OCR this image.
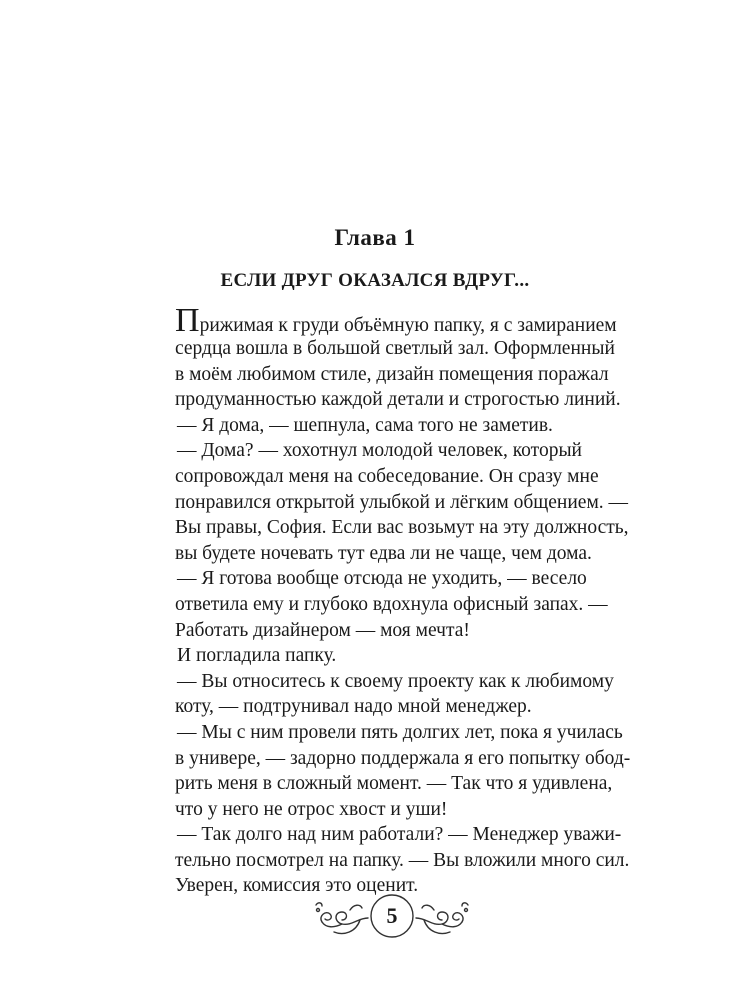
Глава 1
ЕСЛИ ДРУГ ОКАЗАЛСЯ ВДРУГ...
Прижимая к груди объёмную папку, я с замиранием
сердца вошла в большой светлый зал. Оформленный
в моём любимом стиле, дизайн помещения поражал
продуманностью каждой детали и строгостью линий.
— Я дома, — шепнула, сама того не заметив.
— Дома? — хохотнул молодой человек, который
сопровождал меня на собеседование. Он сразу мне
понравился открытой улыбкой и лёгким общением. —
Вы правы, София. Если вас возьмут на эту должность,
вы будете ночевать тут едва ли не чаще, чем дома.
— Я готова вообще отсюда не уходить, — весело
ответила ему и глубоко вдохнула офисный запах. —
Работать дизайнером — моя мечта!
И погладила папку.
— Вы относитесь к своему проекту как к любимому
коту, — подтрунивал надо мной менеджер.
— Мы с ним провели пять долгих лет, пока я училась
в универе, — задорно поддержала я его попытку обод-
рить меня в сложный момент. — Так что я удивлена,
что у него не отрос хвост и уши!
— Так долго над ним работали? — Менеджер уважи-
тельно посмотрел на папку. — Вы вложили много сил.
Уверен, комиссия это оценит.
5
